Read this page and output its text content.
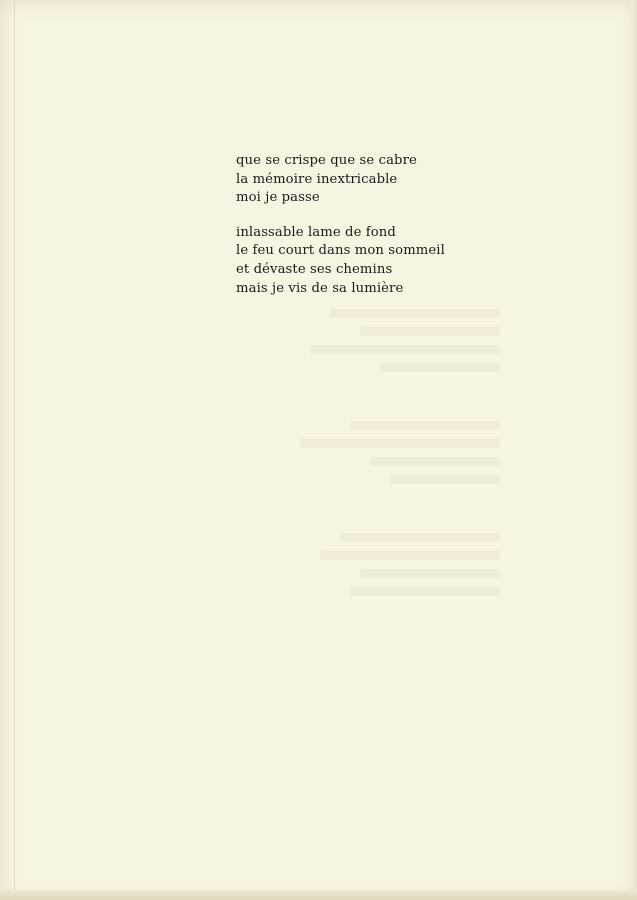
que se crispe que se cabre
la mémoire inextricable
moi je passe
inlassable lame de fond
le feu court dans mon sommeil
et dévaste ses chemins
mais je vis de sa lumière
